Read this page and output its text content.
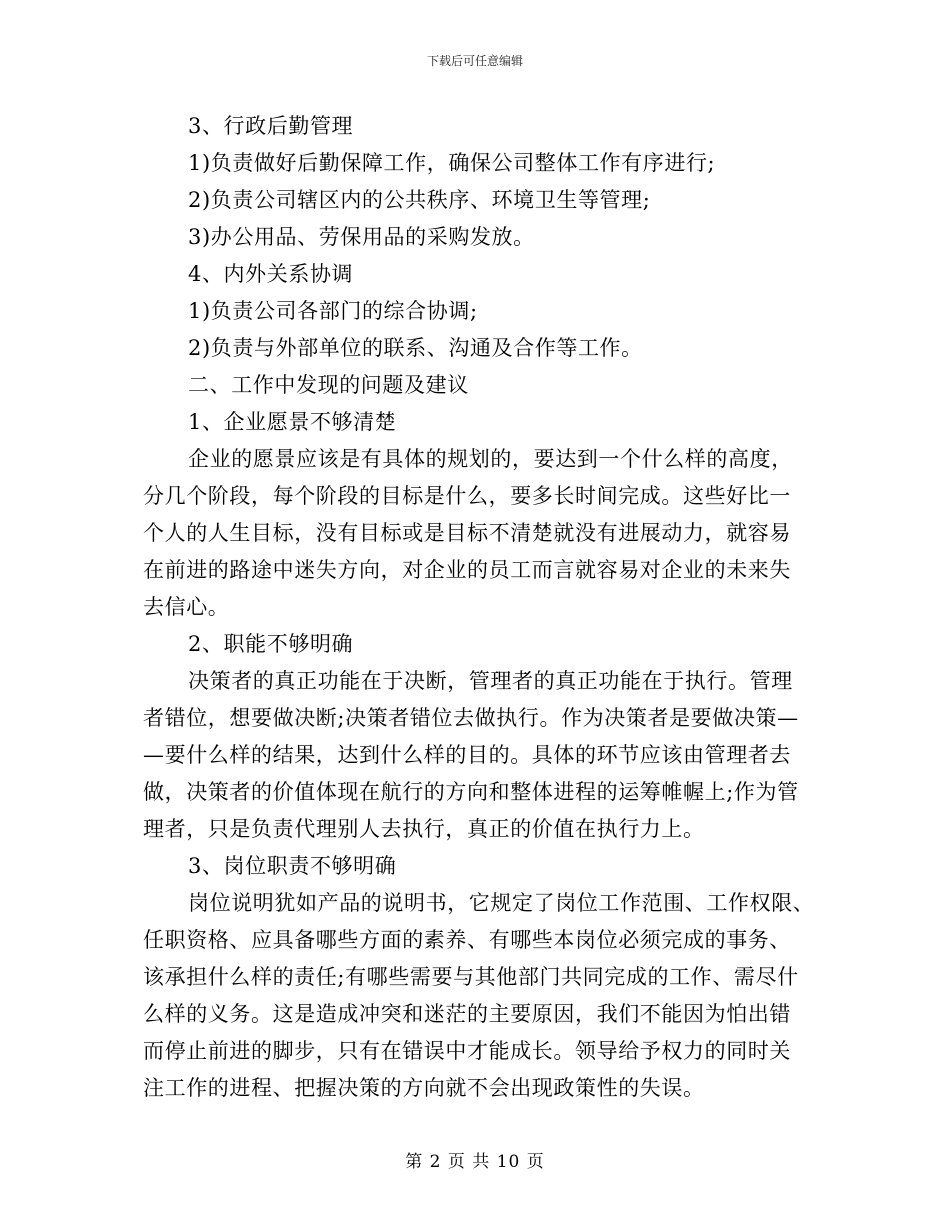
下载后可任意编辑
3、行政后勤管理
1)负责做好后勤保障工作，确保公司整体工作有序进行;
2)负责公司辖区内的公共秩序、环境卫生等管理;
3)办公用品、劳保用品的采购发放。
4、内外关系协调
1)负责公司各部门的综合协调;
2)负责与外部单位的联系、沟通及合作等工作。
二、工作中发现的问题及建议
1、企业愿景不够清楚
企业的愿景应该是有具体的规划的，要达到一个什么样的高度，
分几个阶段，每个阶段的目标是什么，要多长时间完成。这些好比一
个人的人生目标，没有目标或是目标不清楚就没有进展动力，就容易
在前进的路途中迷失方向，对企业的员工而言就容易对企业的未来失
去信心。
2、职能不够明确
决策者的真正功能在于决断，管理者的真正功能在于执行。管理
者错位，想要做决断;决策者错位去做执行。作为决策者是要做决策—
—要什么样的结果，达到什么样的目的。具体的环节应该由管理者去
做，决策者的价值体现在航行的方向和整体进程的运筹帷幄上;作为管
理者，只是负责代理别人去执行，真正的价值在执行力上。
3、岗位职责不够明确
岗位说明犹如产品的说明书，它规定了岗位工作范围、工作权限、
任职资格、应具备哪些方面的素养、有哪些本岗位必须完成的事务、
该承担什么样的责任;有哪些需要与其他部门共同完成的工作、需尽什
么样的义务。这是造成冲突和迷茫的主要原因，我们不能因为怕出错
而停止前进的脚步，只有在错误中才能成长。领导给予权力的同时关
注工作的进程、把握决策的方向就不会出现政策性的失误。
第 2 页 共 10 页
